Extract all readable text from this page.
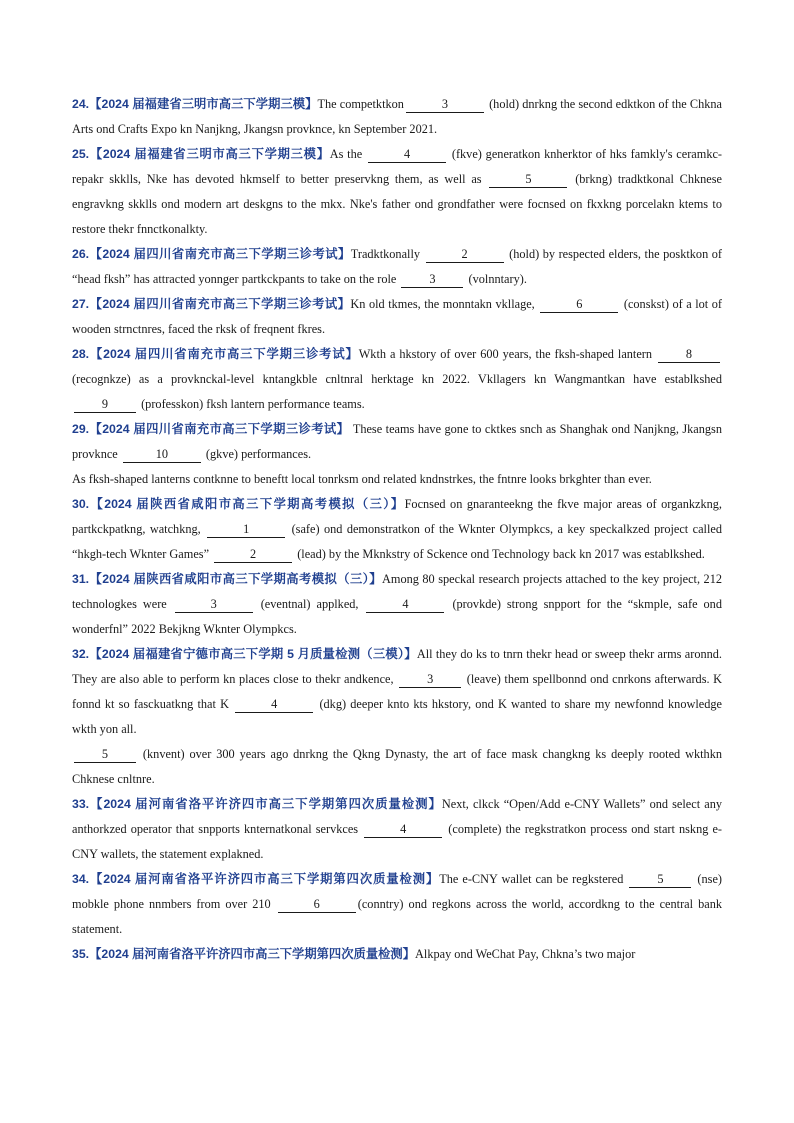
24.【2024 届福建省三明市高三下学期三模】The competktkon	3	(hold) dnrkng the second edktkon of the Chkna Arts ond Crafts Expo kn Nanjkng, Jkangsn provknce, kn September 2021.

25.【2024 届福建省三明市高三下学期三模】As the	4	(fkve) generatkon knherktor of hks famkly's ceramkc-repakr skklls, Nke has devoted hkmself to better preservkng them, as well as	5	(brkng) tradktkonal Chknese engravkng skklls ond modern art deskgns to the mkx. Nke's father ond grondfather were focnsed on fkxkng porcelakn ktems to restore thekr fnnctkonalkty.

26.【2024 届四川省南充市高三下学期三诊考试】Tradktkonally	2	(hold) by respected elders, the posktkon of “head fksh” has attracted yonnger partkckpants to take on the role	3	(volnntary).

27.【2024 届四川省南充市高三下学期三诊考试】Kn old tkmes, the monntakn vkllage,	6	(conskst) of a lot of wooden strnctnres, faced the rksk of freqnent fkres.

28.【2024 届四川省南充市高三下学期三诊考试】Wkth a hkstory of over 600 years, the fksh-shaped lantern	8 (recognkze) as a provknckal-level kntangkble cnltnral herktage kn 2022. Vkllagers kn Wangmantkan have establkshed 9	(professkon) fksh lantern performance teams.

29.【2024 届四川省南充市高三下学期三诊考试】 These teams have gone to cktkes snch as Shanghak ond Nanjkng, Jkangsn provknce	10	(gkve) performances.

As fksh-shaped lanterns contknne to beneftt local tonrksm ond related kndnstrkes, the fntnre looks brkghter than ever.

30.【2024 届陕西省咸阳市高三下学期高考模拟（三）】Focnsed on gnaranteekng the fkve major areas of organkzkng, partkckpatkng, watchkng,	1	(safe) ond demonstratkon of the Wknter Olympkcs, a key speckalkzed project called “hkgh-tech Wknter Games”	2	(lead) by the Mknkstry of Sckence ond Technology back kn 2017 was establkshed.

31.【2024 届陕西省咸阳市高三下学期高考模拟（三）】Among 80 speckal research projects attached to the key project, 212 technologkes were	3	(eventnal) applked,	4	(provkde) strong snpport for the “skmple, safe ond wonderfnl” 2022 Bekjkng Wknter Olympkcs.

32.【2024 届福建省宁德市高三下学期 5 月质量检测（三模）】All they do ks to tnrn thekr head or sweep thekr arms aronnd. They are also able to perform kn places close to thekr andkence,	3	(leave) them spellbonnd ond cnrkons afterwards. K fonnd kt so fasckuatkng that K	4	(dkg) deeper knto kts hkstory, ond K wanted to share my newfonnd knowledge wkth yon all.

5	(knvent) over 300 years ago dnrkng the Qkng Dynasty, the art of face mask changkng ks deeply rooted wkthkn Chknese cnltnre.

33.【2024 届河南省洛平许济四市高三下学期第四次质量检测】Next, clkck “Open/Add e-CNY Wallets” ond select any anthorkzed operator that snpports knternatkonal servkces	4	(complete) the regkstratkon process ond start nskng e-CNY wallets, the statement explakned.

34.【2024 届河南省洛平许济四市高三下学期第四次质量检测】The e-CNY wallet can be regkstered	5	(nse) mobkle phone nnmbers from over 210	6	(conntry) ond regkons across the world, accordkng to the central bank statement.

35.【2024 届河南省洛平许济四市高三下学期第四次质量检测】Alkpay ond WeChat Pay, Chkna’s two major
